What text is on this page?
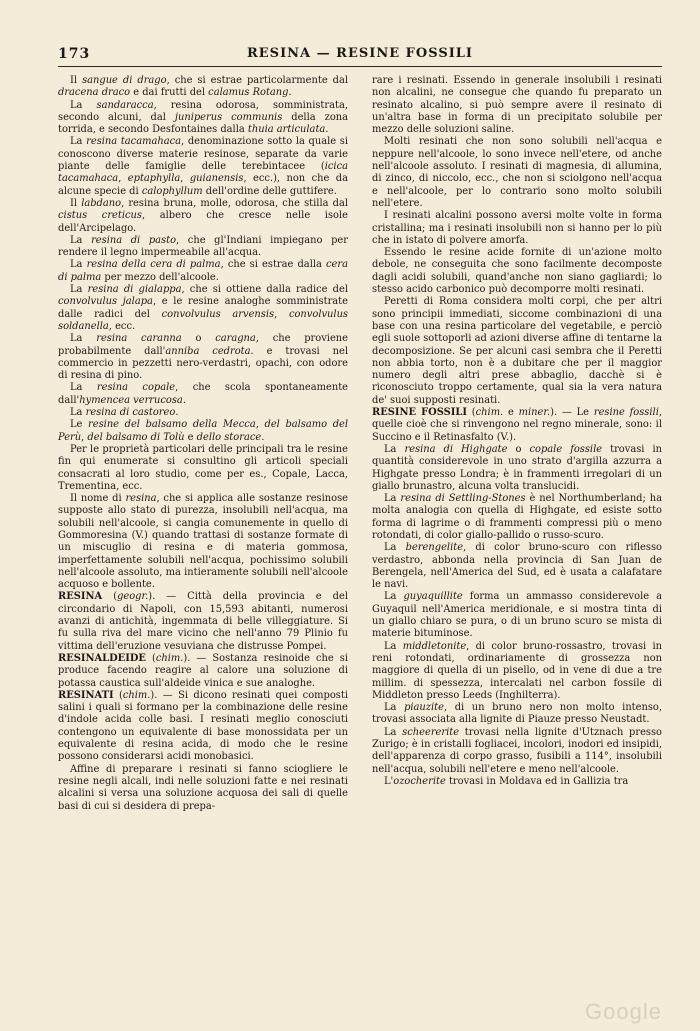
173	RESINA — RESINE FOSSILI

Il sangue di drago, che si estrae particolarmente dal dracena draco e dai frutti del calamus Rotang.

La sandaracca, resina odorosa, somministrata, secondo alcuni, dal juniperus communis della zona torrida, e secondo Desfontaines dalla thuia articulata.

La resina tacamahaca, denominazione sotto la quale si conoscono diverse materie resinose, separate da varie piante delle famiglie delle terebintacee (icica tacamahaca, eptaphylla, guianensis, ecc.), non che da alcune specie di calophyllum dell'ordine delle guttifere.

Il labdano, resina bruna, molle, odorosa, che stilla dal cistus creticus, albero che cresce nelle isole dell'Arcipelago.

La resina di pasto, che gl'Indiani impiegano per rendere il legno impermeabile all'acqua.

La resina della cera di palma, che si estrae dalla cera di palma per mezzo dell'alcoole.

La resina di gialappa, che si ottiene dalla radice del convolvulus jalapa, e le resine analoghe somministrate dalle radici del convolvulus arvensis, convolvulus soldanella, ecc.

La resina caranna o caragna, che proviene probabilmente dall'anniba cedrota. e trovasi nel commercio in pezzetti nero-verdastri, opachi, con odore di resina di pino.

La resina copale, che scola spontaneamente dall'hymencea verrucosa.

La resina di castoreo.

Le resine del balsamo della Mecca, del balsamo del Perù, del balsamo di Tolù e dello storace.

Per le proprietà particolari delle principali tra le resine fin qui enumerate si consultino gli articoli speciali consacrati al loro studio, come per es., Copale, Lacca, Trementina, ecc.

Il nome di resina, che si applica alle sostanze resinose supposte allo stato di purezza, insolubili nell'acqua, ma solubili nell'alcoole, si cangia comunemente in quello di Gommoresina (V.) quando trattasi di sostanze formate di un miscuglio di resina e di materia gommosa, imperfettamente solubili nell'acqua, pochissimo solubili nell'alcoole assoluto, ma intieramente solubili nell'alcoole acquoso e bollente.

RESINA (geogr.). — Città della provincia e del circondario di Napoli, con 15,593 abitanti, numerosi avanzi di antichità, ingemmata di belle villeggiature. Si fu sulla riva del mare vicino che nell'anno 79 Plinio fu vittima dell'eruzione vesuviana che distrusse Pompei.

RESINALDEIDE (chim.). — Sostanza resinoide che si produce facendo reagire al calore una soluzione di potassa caustica sull'aldeide vinica e sue analoghe.

RESINATI (chim.). — Si dicono resinati quei composti salini i quali si formano per la combinazione delle resine d'indole acida colle basi. I resinati meglio conosciuti contengono un equivalente di base monossidata per un equivalente di resina acida, di modo che le resine possono considerarsi acidi monobasici.

Affine di preparare i resinati si fanno sciogliere le resine negli alcali, indi nelle soluzioni fatte e nei resinati alcalini si versa una soluzione acquosa dei sali di quelle basi di cui si desidera di prepa-

rare i resinati. Essendo in generale insolubili i resinati non alcalini, ne consegue che quando fu preparato un resinato alcalino, si può sempre avere il resinato di un'altra base in forma di un precipitato solubile per mezzo delle soluzioni saline.

Molti resinati che non sono solubili nell'acqua e neppure nell'alcoole, lo sono invece nell'etere, od anche nell'alcoole assoluto. I resinati di magnesia, di allumina, di zinco, di niccolo, ecc., che non si sciolgono nell'acqua e nell'alcoole, per lo contrario sono molto solubili nell'etere.

I resinati alcalini possono aversi molte volte in forma cristallina; ma i resinati insolubili non si hanno per lo più che in istato di polvere amorfa.

Essendo le resine acide fornite di un'azione molto debole, ne conseguita che sono facilmente decomposte dagli acidi solubili, quand'anche non siano gagliardi; lo stesso acido carbonico può decomporre molti resinati.

Peretti di Roma considera molti corpi, che per altri sono principii immediati, siccome combinazioni di una base con una resina particolare del vegetabile, e perciò egli suole sottoporli ad azioni diverse affine di tentarne la decomposizione. Se per alcuni casi sembra che il Peretti non abbia torto, non è a dubitare che per il maggior numero degli altri prese abbaglio, dacchè si è riconosciuto troppo certamente, qual sia la vera natura de' suoi supposti resinati.

RESINE FOSSILI (chim. e miner.). — Le resine fossili, quelle cioè che si rinvengono nel regno minerale, sono: il Succino e il Retinasfalto (V.).

La resina di Highgate o copale fossile trovasi in quantità considerevole in uno strato d'argilla azzurra a Highgate presso Londra; è in frammenti irregolari di un giallo brunastro, alcuna volta translucidi.

La resina di Settling-Stones è nel Northumberland; ha molta analogia con quella di Highgate, ed esiste sotto forma di lagrime o di frammenti compressi più o meno rotondati, di color giallo-pallido o russo-scuro.

La berengelite, di color bruno-scuro con riflesso verdastro, abbonda nella provincia di San Juan de Berengela, nell'America del Sud, ed è usata a calafatare le navi.

La guyaquillite forma un ammasso considerevole a Guyaquil nell'America meridionale, e si mostra tinta di un giallo chiaro se pura, o di un bruno scuro se mista di materie bituminose.

La middletonite, di color bruno-rossastro, trovasi in reni rotondati, ordinariamente di grossezza non maggiore di quella di un pisello, od in vene di due a tre millim. di spessezza, intercalati nel carbon fossile di Middleton presso Leeds (Inghilterra).

La piauzite, di un bruno nero non molto intenso, trovasi associata alla lignite di Piauze presso Neustadt.

La scheererite trovasi nella lignite d'Utznach presso Zurigo; è in cristalli fogliacei, incolori, inodori ed insipidi, dell'apparenza di corpo grasso, fusibili a 114°, insolubili nell'acqua, solubili nell'etere e meno nell'alcoole.

L'ozocherite trovasi in Moldava ed in Gallizia tra

Google
